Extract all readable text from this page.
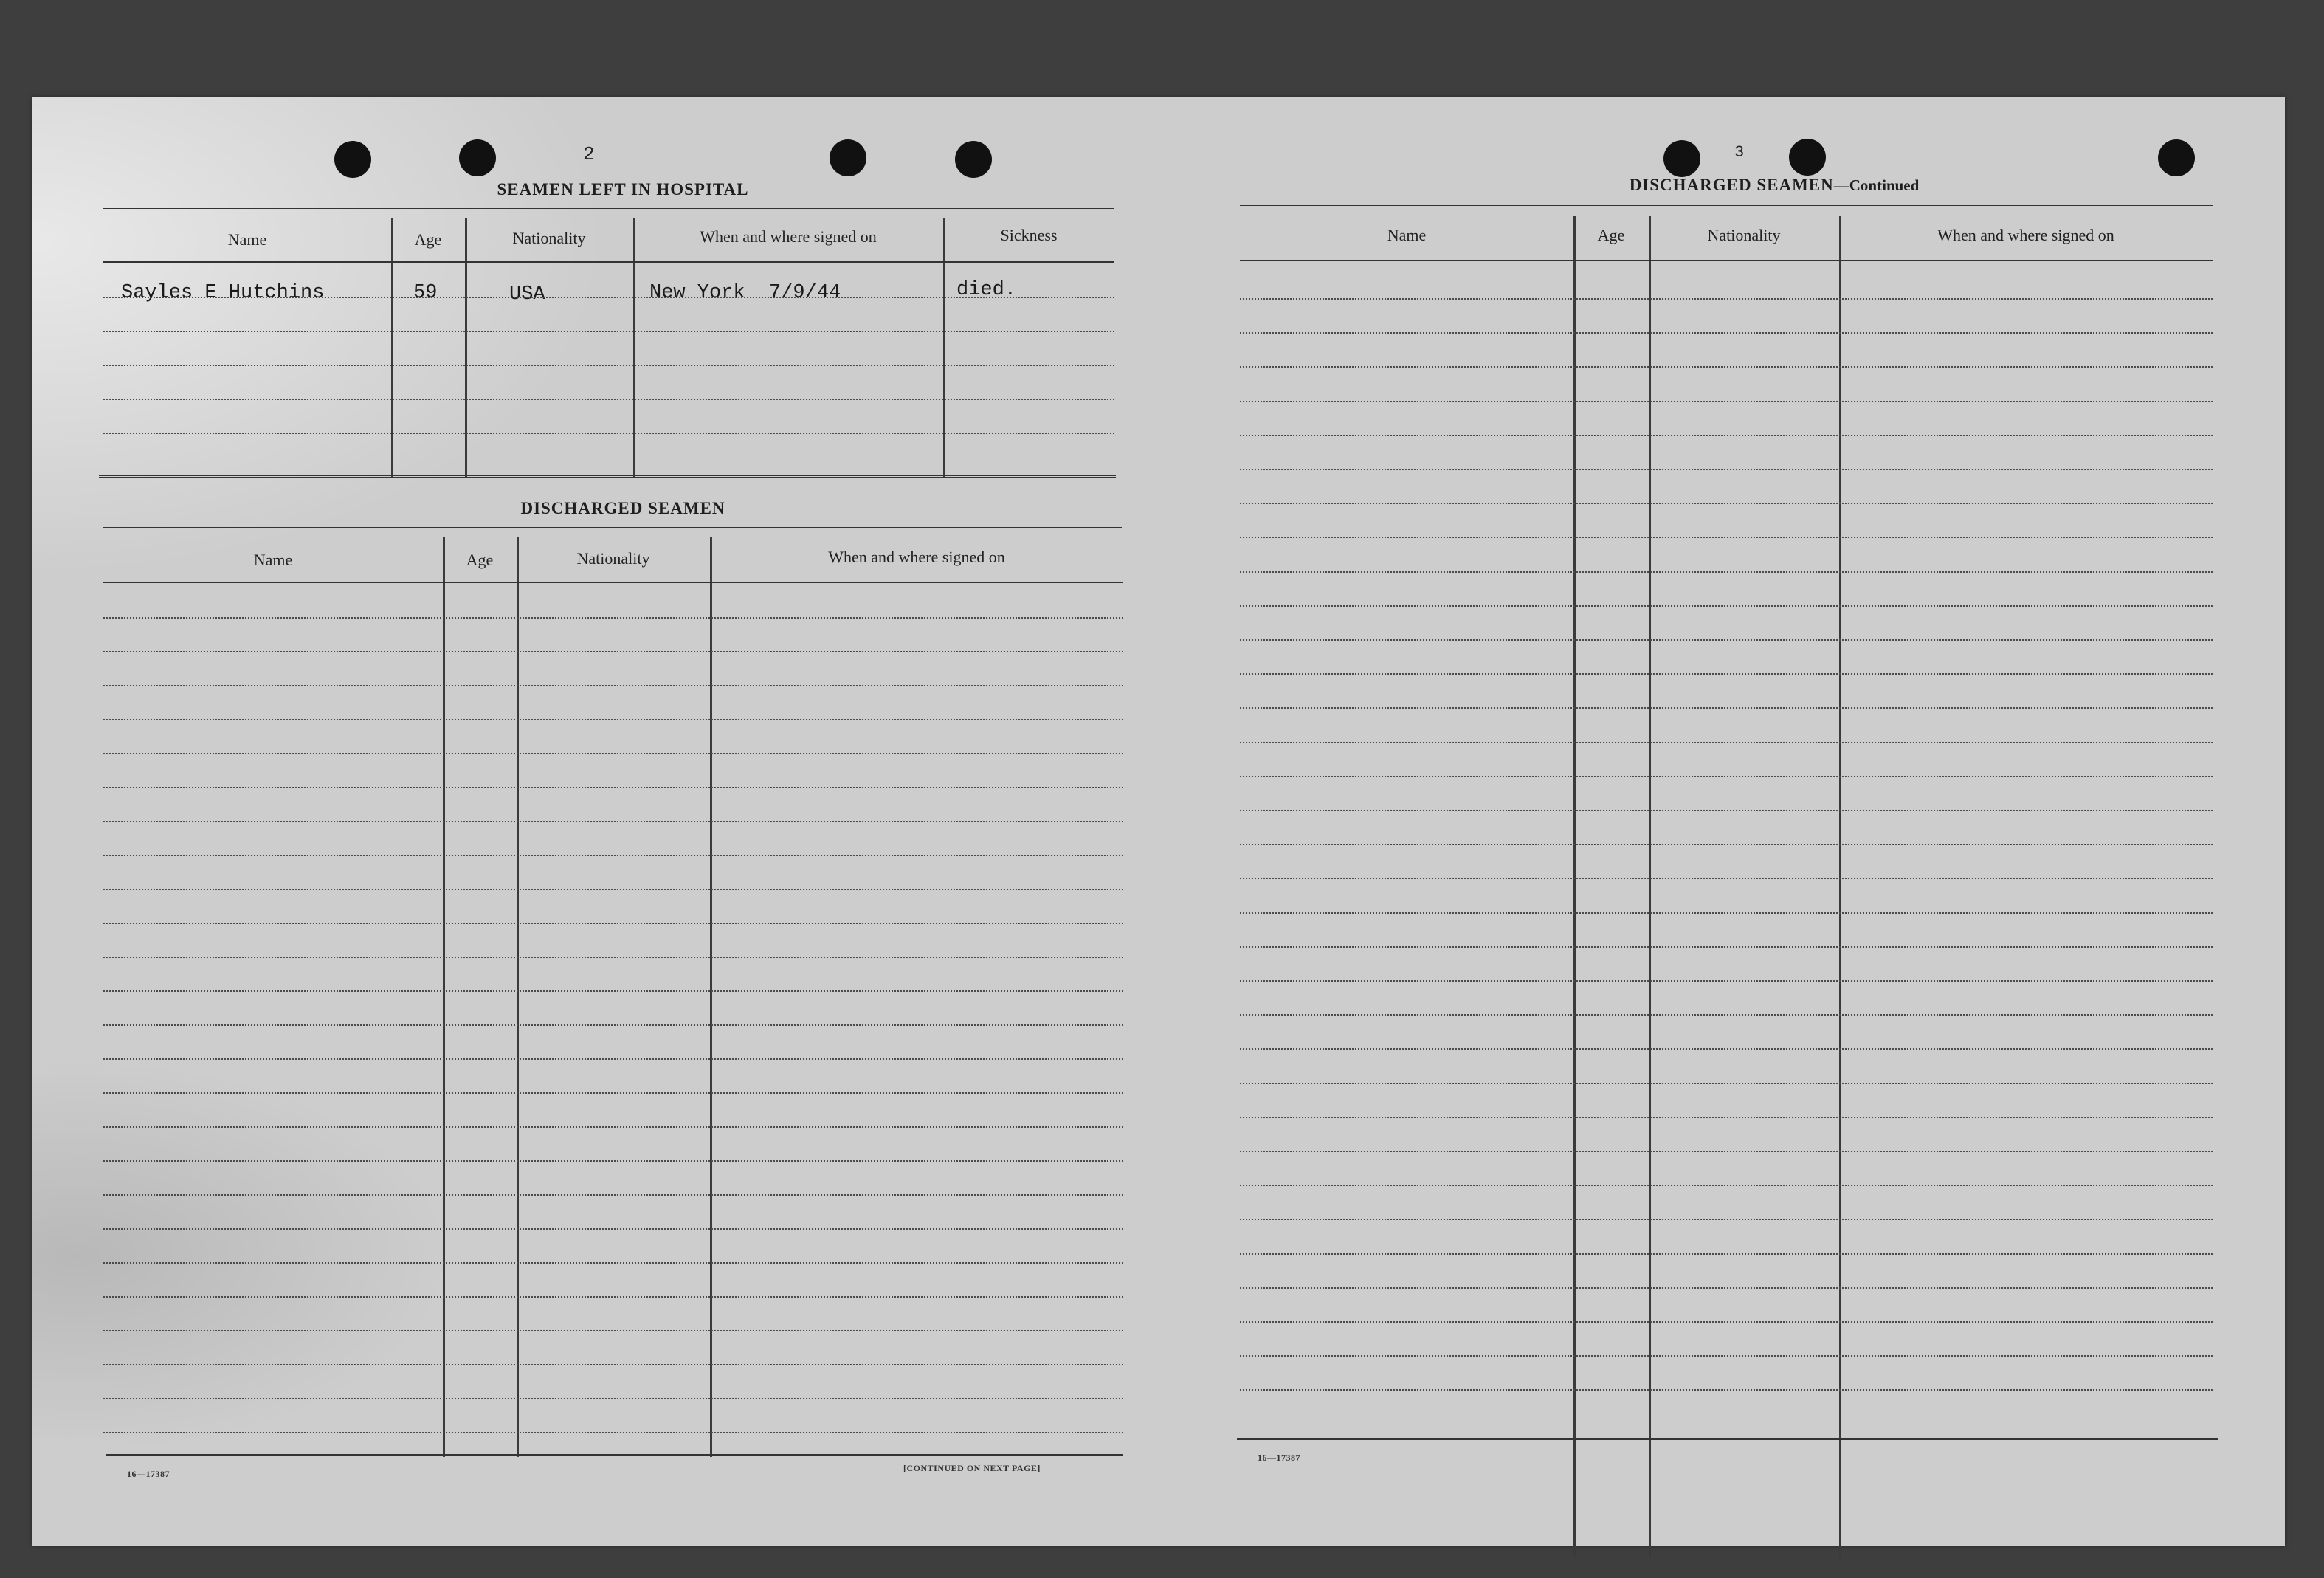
2
SEAMEN LEFT IN HOSPITAL
Name	Age	Nationality	When and where signed on	Sickness
Sayles E Hutchins	59	USA	New York  7/9/44	died.
DISCHARGED SEAMEN
Name	Age	Nationality	When and where signed on
16—17387
[CONTINUED ON NEXT PAGE]
3
DISCHARGED SEAMEN—Continued
Name	Age	Nationality	When and where signed on
16—17387
